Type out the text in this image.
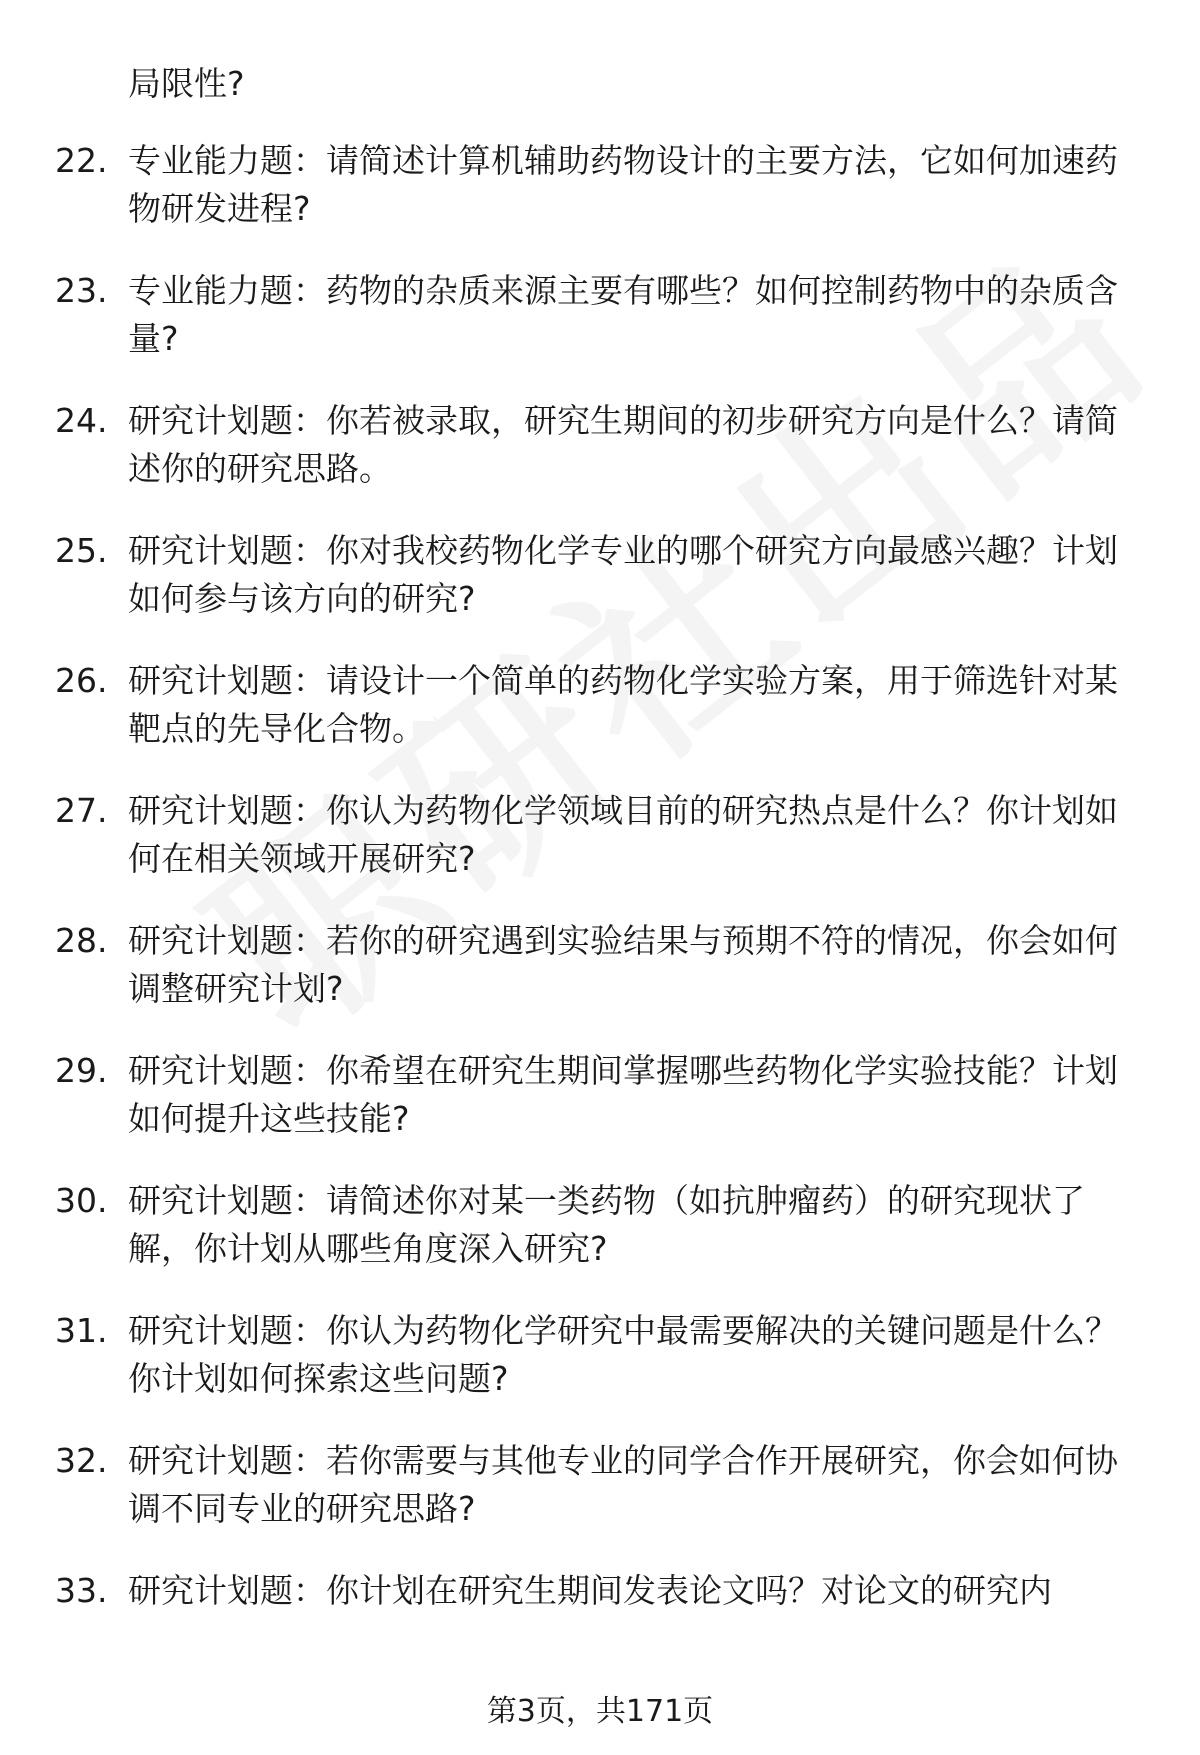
局限性?

22. 专业能力题：请简述计算机辅助药物设计的主要方法，它如何加速药物研发进程?
23. 专业能力题：药物的杂质来源主要有哪些？如何控制药物中的杂质含量?
24. 研究计划题：你若被录取，研究生期间的初步研究方向是什么？请简述你的研究思路。
25. 研究计划题：你对我校药物化学专业的哪个研究方向最感兴趣？计划如何参与该方向的研究?
26. 研究计划题：请设计一个简单的药物化学实验方案，用于筛选针对某靶点的先导化合物。
27. 研究计划题：你认为药物化学领域目前的研究热点是什么？你计划如何在相关领域开展研究?
28. 研究计划题：若你的研究遇到实验结果与预期不符的情况，你会如何调整研究计划?
29. 研究计划题：你希望在研究生期间掌握哪些药物化学实验技能？计划如何提升这些技能?
30. 研究计划题：请简述你对某一类药物（如抗肿瘤药）的研究现状了解，你计划从哪些角度深入研究?
31. 研究计划题：你认为药物化学研究中最需要解决的关键问题是什么？你计划如何探索这些问题?
32. 研究计划题：若你需要与其他专业的同学合作开展研究，你会如何协调不同专业的研究思路?
33. 研究计划题：你计划在研究生期间发表论文吗？对论文的研究内
第3页，共171页
